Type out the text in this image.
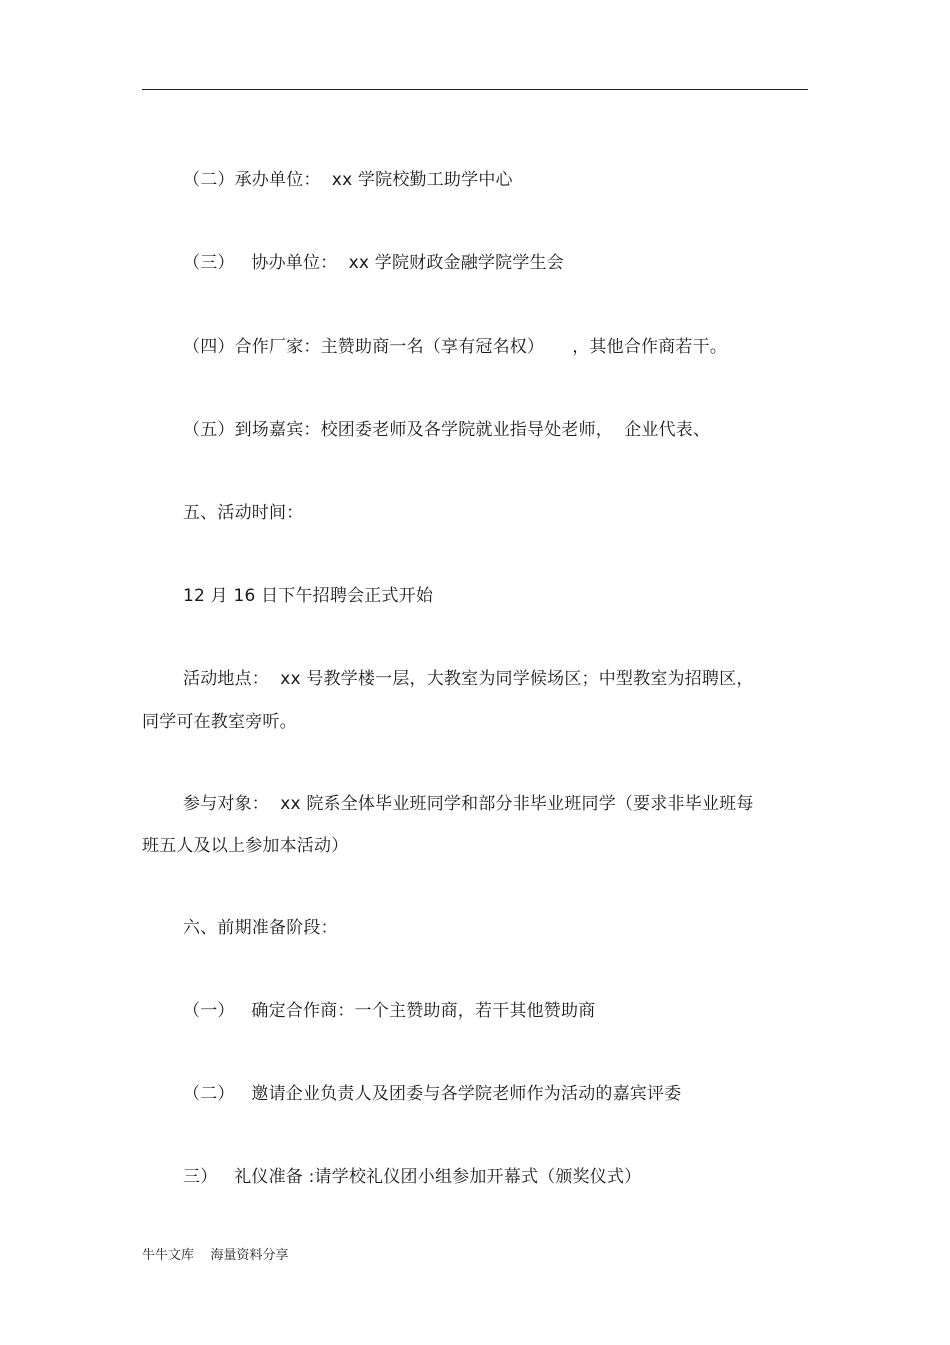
（二）承办单位：  xx 学院校勤工助学中心
（三）   协办单位：  xx 学院财政金融学院学生会
（四）合作厂家：主赞助商一名（享有冠名权）     ，其他合作商若干。
（五）到场嘉宾：校团委老师及各学院就业指导处老师，  企业代表、
五、活动时间：
12 月 16 日下午招聘会正式开始
活动地点：  xx 号教学楼一层，大教室为同学候场区；中型教室为招聘区，
同学可在教室旁听。
参与对象：  xx 院系全体毕业班同学和部分非毕业班同学（要求非毕业班每
班五人及以上参加本活动）
六、前期准备阶段：
（一）   确定合作商：一个主赞助商，若干其他赞助商
（二）   邀请企业负责人及团委与各学院老师作为活动的嘉宾评委
三）   礼仪准备 :请学校礼仪团小组参加开幕式（颁奖仪式）
牛牛文库    海量资料分享
